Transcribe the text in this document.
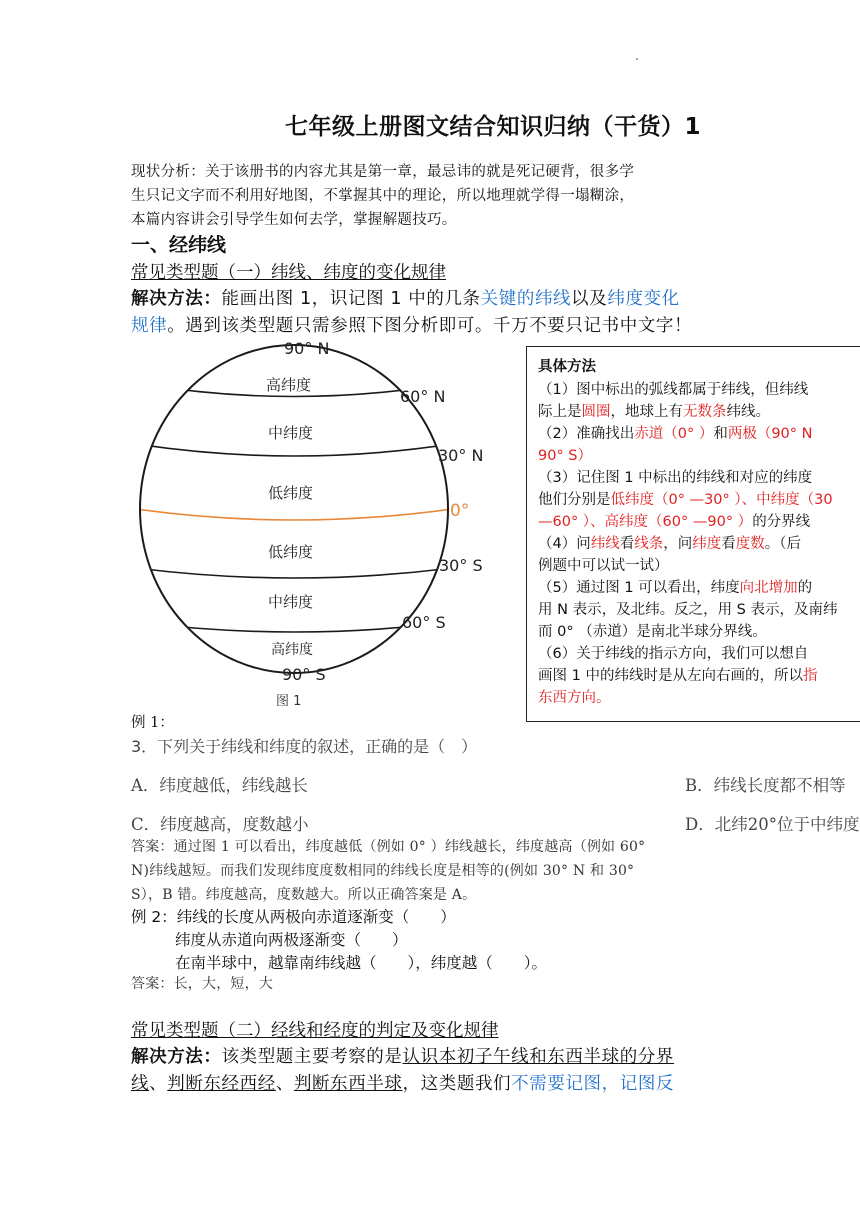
七年级上册图文结合知识归纳（干货）1
现状分析：关于该册书的内容尤其是第一章，最忌讳的就是死记硬背，很多学
生只记文字而不利用好地图，不掌握其中的理论，所以地理就学得一塌糊涂，
本篇内容讲会引导学生如何去学，掌握解题技巧。
一、经纬线
常见类型题（一）纬线、纬度的变化规律
解决方法：能画出图 1，识记图 1 中的几条关键的纬线以及纬度变化
规律。遇到该类型题只需参照下图分析即可。千万不要只记书中文字！
90° N
60° N
30° N
0°
30° S
60° S
90° S
高纬度
中纬度
低纬度
低纬度
中纬度
高纬度
图 1
具体方法
（1）图中标出的弧线都属于纬线，但纬线
际上是圆圈，地球上有无数条纬线。
（2）准确找出赤道（0° ）和两极（90° N
90° S）
（3）记住图 1 中标出的纬线和对应的纬度
他们分别是低纬度（0° —30° ）、中纬度（30
—60° ）、高纬度（60° —90° ）的分界线
（4）问纬线看线条，问纬度看度数。（后
例题中可以试一试）
（5）通过图 1 可以看出，纬度向北增加的
用 N 表示，及北纬。反之，用 S 表示，及南纬
而 0° （赤道）是南北半球分界线。
（6）关于纬线的指示方向，我们可以想自
画图 1 中的纬线时是从左向右画的，所以指
东西方向。
例 1：
3．下列关于纬线和纬度的叙述，正确的是（　）
A．纬度越低，纬线越长	B．纬线长度都不相等
C．纬度越高，度数越小	D．北纬20°位于中纬度
答案：通过图 1 可以看出，纬度越低（例如 0° ）纬线越长，纬度越高（例如 60°
N)纬线越短。而我们发现纬度度数相同的纬线长度是相等的(例如 30° N 和 30°
S），B 错。纬度越高，度数越大。所以正确答案是 A。
例 2：纬线的长度从两极向赤道逐渐变（　　）
纬度从赤道向两极逐渐变（　　）
在南半球中，越靠南纬线越（　　），纬度越（　　）。
答案：长，大，短，大
常见类型题（二）经线和经度的判定及变化规律
解决方法：该类型题主要考察的是认识本初子午线和东西半球的分界
线、判断东经西经、判断东西半球，这类题我们不需要记图，记图反
